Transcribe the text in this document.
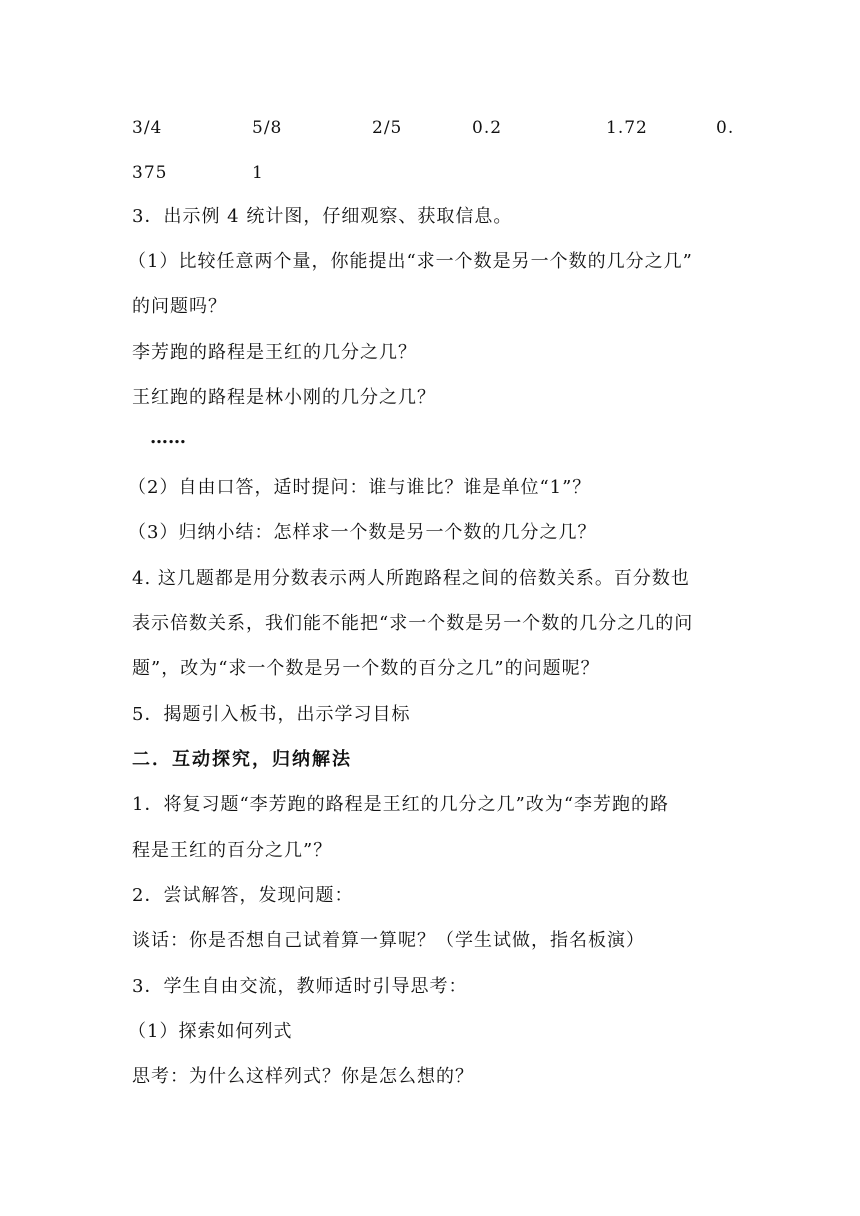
3/4	5/8	2/5	0.2	1.72	0.
375	1
3．出示例 4 统计图，仔细观察、获取信息。
（1）比较任意两个量，你能提出“求一个数是另一个数的几分之几”
的问题吗？
李芳跑的路程是王红的几分之几？
王红跑的路程是林小刚的几分之几？
……
（2）自由口答，适时提问：谁与谁比？谁是单位“1”？
（3）归纳小结：怎样求一个数是另一个数的几分之几？
4. 这几题都是用分数表示两人所跑路程之间的倍数关系。百分数也
表示倍数关系，我们能不能把“求一个数是另一个数的几分之几的问
题”，改为“求一个数是另一个数的百分之几”的问题呢？
5．揭题引入板书，出示学习目标
二．互动探究，归纳解法
1．将复习题“李芳跑的路程是王红的几分之几”改为“李芳跑的路
程是王红的百分之几”？
2．尝试解答，发现问题：
谈话：你是否想自己试着算一算呢？（学生试做，指名板演）
3．学生自由交流，教师适时引导思考：
（1）探索如何列式
思考：为什么这样列式？你是怎么想的？
